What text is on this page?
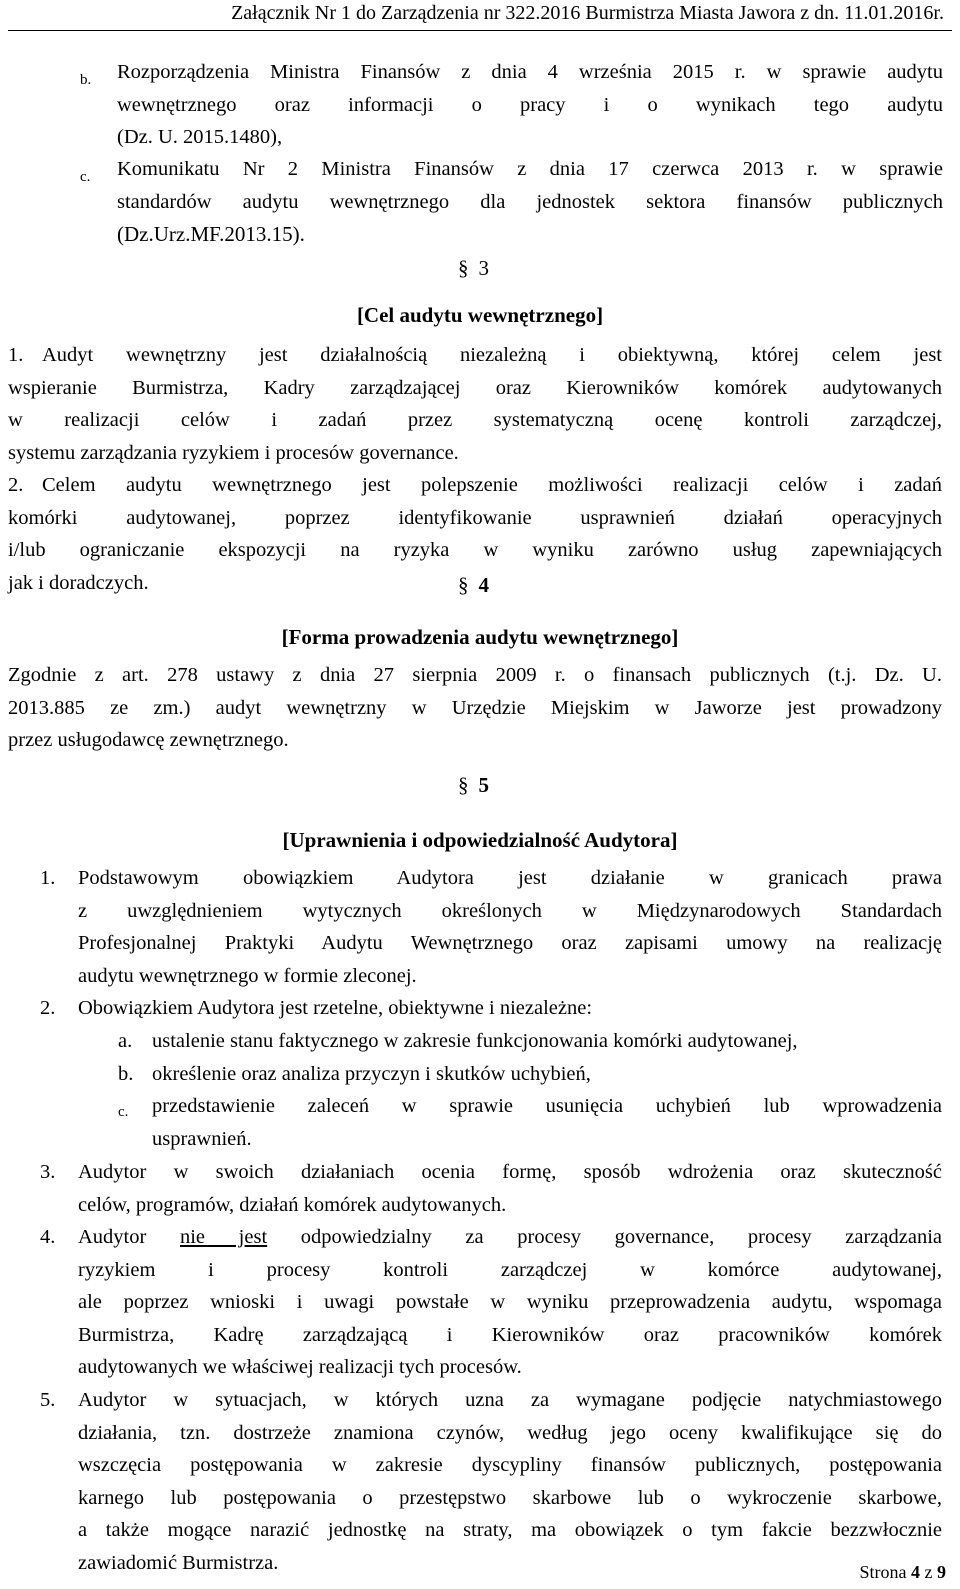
Załącznik Nr 1 do Zarządzenia nr 322.2016 Burmistrza Miasta Jawora z dn. 11.01.2016r.
b. Rozporządzenia Ministra Finansów z dnia 4 września 2015 r. w sprawie audytu
wewnętrznego oraz informacji o pracy i o wynikach tego audytu
(Dz. U. 2015.1480),
c. Komunikatu Nr 2 Ministra Finansów z dnia 17 czerwca 2013 r. w sprawie
standardów audytu wewnętrznego dla jednostek sektora finansów publicznych
(Dz.Urz.MF.2013.15).
§ 3
[Cel audytu wewnętrznego]
1. Audyt wewnętrzny jest działalnością niezależną i obiektywną, której celem jest
wspieranie Burmistrza, Kadry zarządzającej oraz Kierowników komórek audytowanych
w realizacji celów i zadań przez systematyczną ocenę kontroli zarządczej,
systemu zarządzania ryzykiem i procesów governance.
2. Celem audytu wewnętrznego jest polepszenie możliwości realizacji celów i zadań
komórki audytowanej, poprzez identyfikowanie usprawnień działań operacyjnych
i/lub ograniczanie ekspozycji na ryzyka w wyniku zarówno usług zapewniających
jak i doradczych.	§ 4
[Forma prowadzenia audytu wewnętrznego]
Zgodnie z art. 278 ustawy z dnia 27 sierpnia 2009 r. o finansach publicznych (t.j. Dz. U.
2013.885 ze zm.) audyt wewnętrzny w Urzędzie Miejskim w Jaworze jest prowadzony
przez usługodawcę zewnętrznego.
§ 5
[Uprawnienia i odpowiedzialność Audytora]
1. Podstawowym obowiązkiem Audytora jest działanie w granicach prawa
z uwzględnieniem wytycznych określonych w Międzynarodowych Standardach
Profesjonalnej Praktyki Audytu Wewnętrznego oraz zapisami umowy na realizację
audytu wewnętrznego w formie zleconej.
2. Obowiązkiem Audytora jest rzetelne, obiektywne i niezależne:
a. ustalenie stanu faktycznego w zakresie funkcjonowania komórki audytowanej,
b. określenie oraz analiza przyczyn i skutków uchybień,
c. przedstawienie zaleceń w sprawie usunięcia uchybień lub wprowadzenia
usprawnień.
3. Audytor w swoich działaniach ocenia formę, sposób wdrożenia oraz skuteczność
celów, programów, działań komórek audytowanych.
4. Audytor nie jest odpowiedzialny za procesy governance, procesy zarządzania
ryzykiem i procesy kontroli zarządczej w komórce audytowanej,
ale poprzez wnioski i uwagi powstałe w wyniku przeprowadzenia audytu, wspomaga
Burmistrza, Kadrę zarządzającą i Kierowników oraz pracowników komórek
audytowanych we właściwej realizacji tych procesów.
5. Audytor w sytuacjach, w których uzna za wymagane podjęcie natychmiastowego
działania, tzn. dostrzeże znamiona czynów, według jego oceny kwalifikujące się do
wszczęcia postępowania w zakresie dyscypliny finansów publicznych, postępowania
karnego lub postępowania o przestępstwo skarbowe lub o wykroczenie skarbowe,
a także mogące narazić jednostkę na straty, ma obowiązek o tym fakcie bezzwłocznie
zawiadomić Burmistrza.	Strona 4 z 9
